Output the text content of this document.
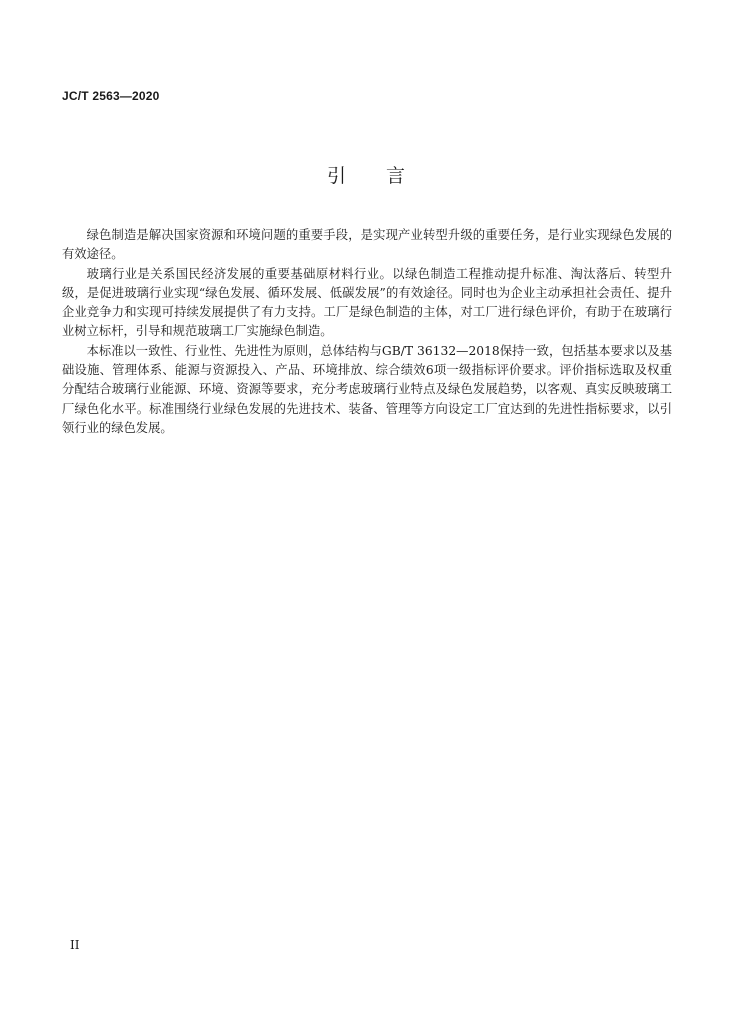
JC/T 2563—2020
引言

绿色制造是解决国家资源和环境问题的重要手段，是实现产业转型升级的重要任务，是行业实现绿色发展的有效途径。

玻璃行业是关系国民经济发展的重要基础原材料行业。以绿色制造工程推动提升标准、淘汰落后、转型升级，是促进玻璃行业实现“绿色发展、循环发展、低碳发展”的有效途径。同时也为企业主动承担社会责任、提升企业竞争力和实现可持续发展提供了有力支持。工厂是绿色制造的主体，对工厂进行绿色评价，有助于在玻璃行业树立标杆，引导和规范玻璃工厂实施绿色制造。

本标准以一致性、行业性、先进性为原则，总体结构与GB/T 36132—2018保持一致，包括基本要求以及基础设施、管理体系、能源与资源投入、产品、环境排放、综合绩效6项一级指标评价要求。评价指标选取及权重分配结合玻璃行业能源、环境、资源等要求，充分考虑玻璃行业特点及绿色发展趋势，以客观、真实反映玻璃工厂绿色化水平。标准围绕行业绿色发展的先进技术、装备、管理等方向设定工厂宜达到的先进性指标要求，以引领行业的绿色发展。

II
